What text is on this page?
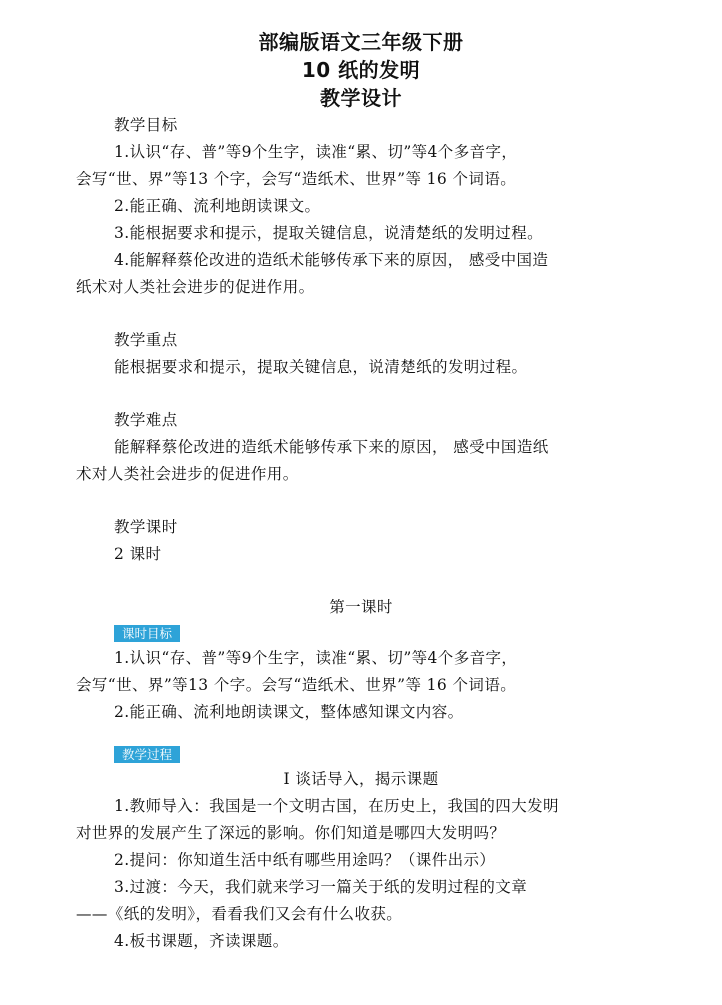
部编版语文三年级下册
10 纸的发明
教学设计

教学目标

1.认识“存、普”等9个生字，读准“累、切”等4个多音字，

会写“世、界”等13 个字，会写“造纸术、世界”等 16 个词语。

2.能正确、流利地朗读课文。

3.能根据要求和提示，提取关键信息，说清楚纸的发明过程。

4.能解释蔡伦改进的造纸术能够传承下来的原因， 感受中国造

纸术对人类社会进步的促进作用。

教学重点

能根据要求和提示，提取关键信息，说清楚纸的发明过程。

教学难点

能解释蔡伦改进的造纸术能够传承下来的原因， 感受中国造纸

术对人类社会进步的促进作用。

教学课时

2 课时

第一课时

课时目标

1.认识“存、普”等9个生字，读准“累、切”等4个多音字，

会写“世、界”等13 个字。会写“造纸术、世界”等 16 个词语。

2.能正确、流利地朗读课文，整体感知课文内容。

教学过程

Ⅰ 谈话导入，揭示课题

1.教师导入：我国是一个文明古国，在历史上，我国的四大发明

对世界的发展产生了深远的影响。你们知道是哪四大发明吗？

2.提问：你知道生活中纸有哪些用途吗？（课件出示）

3.过渡：今天，我们就来学习一篇关于纸的发明过程的文章

——《纸的发明》，看看我们又会有什么收获。

4.板书课题，齐读课题。
